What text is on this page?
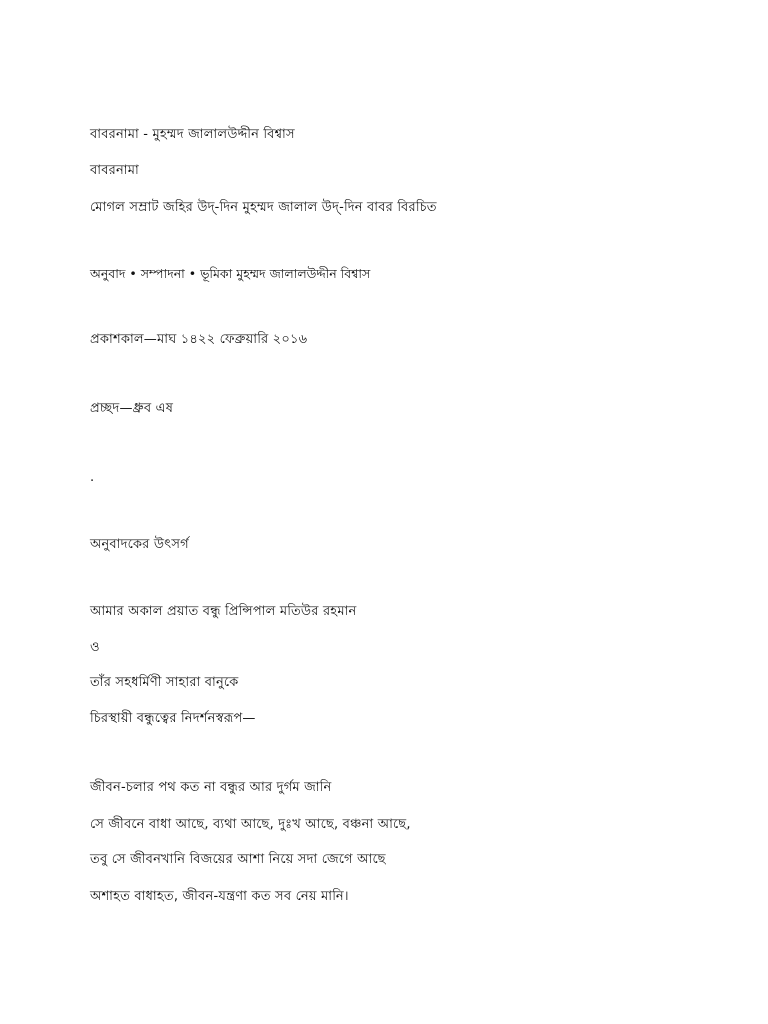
বাবরনামা - মুহম্মদ জালালউদ্দীন বিশ্বাস
বাবরনামা
মোগল সম্রাট জহির উদ্-দিন মুহম্মদ জালাল উদ্-দিন বাবর বিরচিত
অনুবাদ • সম্পাদনা • ভূমিকা মুহম্মদ জালালউদ্দীন বিশ্বাস
প্রকাশকাল—মাঘ ১৪২২ ফেব্রুয়ারি ২০১৬
প্রচ্ছদ—ধ্রুব এষ
.
অনুবাদকের উৎসর্গ
আমার অকাল প্রয়াত বন্ধু প্রিন্সিপাল মতিউর রহমান
ও
তাঁর সহধর্মিণী সাহারা বানুকে
চিরস্থায়ী বন্ধুত্বের নিদর্শনস্বরূপ—
জীবন-চলার পথ কত না বন্ধুর আর দুর্গম জানি
সে জীবনে বাধা আছে, ব্যথা আছে, দুঃখ আছে, বঞ্চনা আছে,
তবু সে জীবনখানি বিজয়ের আশা নিয়ে সদা জেগে আছে
অশাহত বাধাহত, জীবন-যন্ত্রণা কত সব নেয় মানি।
